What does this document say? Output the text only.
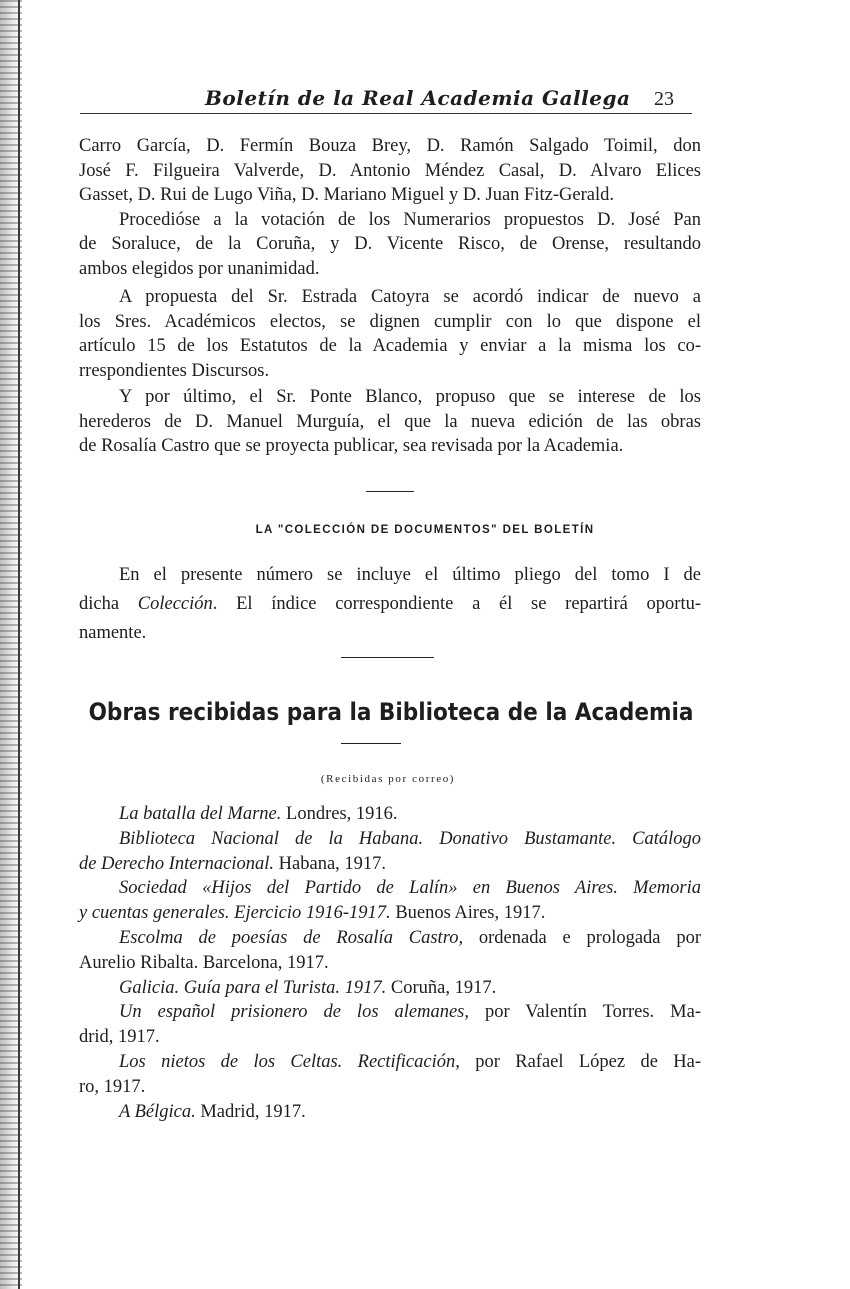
Boletín de la Real Academia Gallega 23
Carro García, D. Fermín Bouza Brey, D. Ramón Salgado Toimil, don
José F. Filgueira Valverde, D. Antonio Méndez Casal, D. Alvaro Elices
Gasset, D. Rui de Lugo Viña, D. Mariano Miguel y D. Juan Fitz-Gerald.
Procedióse a la votación de los Numerarios propuestos D. José Pan
de Soraluce, de la Coruña, y D. Vicente Risco, de Orense, resultando
ambos elegidos por unanimidad.
A propuesta del Sr. Estrada Catoyra se acordó indicar de nuevo a
los Sres. Académicos electos, se dignen cumplir con lo que dispone el
artículo 15 de los Estatutos de la Academia y enviar a la misma los co-
rrespondientes Discursos.
Y por último, el Sr. Ponte Blanco, propuso que se interese de los
herederos de D. Manuel Murguía, el que la nueva edición de las obras
de Rosalía Castro que se proyecta publicar, sea revisada por la Academia.
LA "COLECCIÓN DE DOCUMENTOS" DEL BOLETÍN
En el presente número se incluye el último pliego del tomo I de
dicha Colección. El índice correspondiente a él se repartirá oportu-
namente.
Obras recibidas para la Biblioteca de la Academia
(Recibidas por correo)
La batalla del Marne. Londres, 1916.
Biblioteca Nacional de la Habana. Donativo Bustamante. Catálogo
de Derecho Internacional. Habana, 1917.
Sociedad «Hijos del Partido de Lalín» en Buenos Aires. Memoria
y cuentas generales. Ejercicio 1916-1917. Buenos Aires, 1917.
Escolma de poesías de Rosalía Castro, ordenada e prologada por
Aurelio Ribalta. Barcelona, 1917.
Galicia. Guía para el Turista. 1917. Coruña, 1917.
Un español prisionero de los alemanes, por Valentín Torres. Ma-
drid, 1917.
Los nietos de los Celtas. Rectificación, por Rafael López de Ha-
ro, 1917.
A Bélgica. Madrid, 1917.
